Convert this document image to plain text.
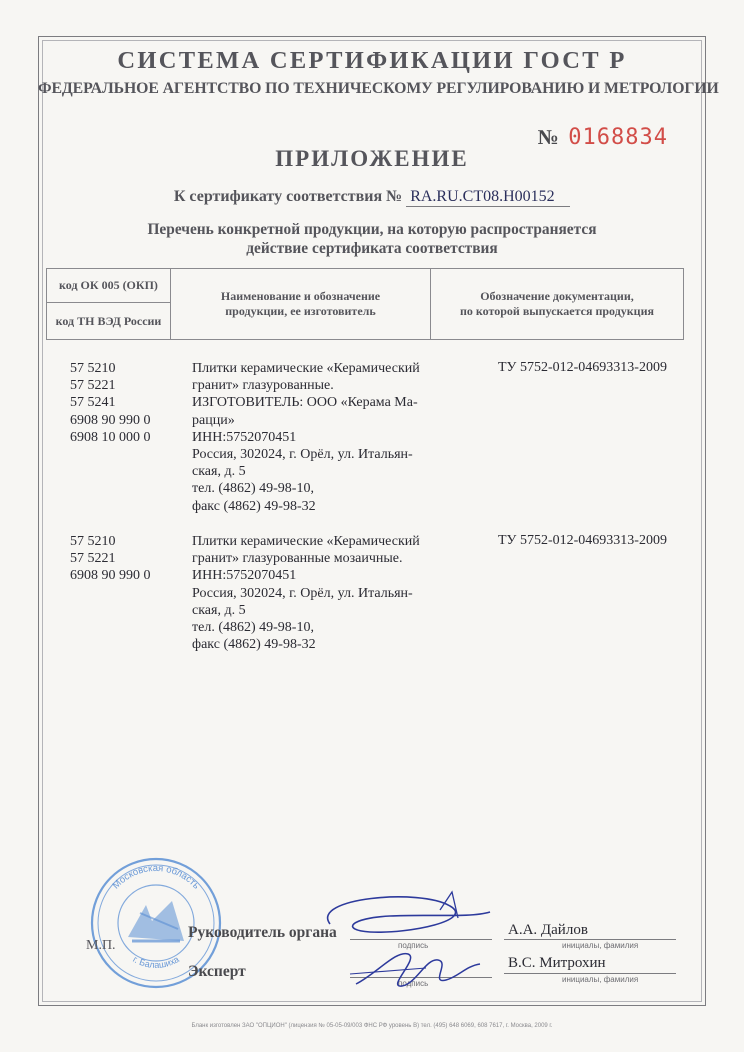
СИСТЕМА СЕРТИФИКАЦИИ ГОСТ Р
ФЕДЕРАЛЬНОЕ АГЕНТСТВО ПО ТЕХНИЧЕСКОМУ РЕГУЛИРОВАНИЮ И МЕТРОЛОГИИ
№ 0168834
ПРИЛОЖЕНИЕ
К сертификату соответствия № RA.RU.CT08.H00152
Перечень конкретной продукции, на которую распространяется
действие сертификата соответствия
код ОК 005 (ОКП)
код ТН ВЭД России
Наименование и обозначение
продукции, ее изготовитель
Обозначение документации,
по которой выпускается продукция
57 5210
57 5221
57 5241
6908 90 990 0
6908 10 000 0
Плитки керамические «Керамический
гранит» глазурованные.
ИЗГОТОВИТЕЛЬ: ООО «Керама Ма-
рацци»
ИНН:5752070451
Россия, 302024, г. Орёл, ул. Итальян-
ская, д. 5
тел. (4862) 49-98-10,
факс (4862) 49-98-32
ТУ 5752-012-04693313-2009
57 5210
57 5221
6908 90 990 0
Плитки керамические «Керамический
гранит» глазурованные мозаичные.
ИНН:5752070451
Россия, 302024, г. Орёл, ул. Итальян-
ская, д. 5
тел. (4862) 49-98-10,
факс (4862) 49-98-32
ТУ 5752-012-04693313-2009
Московская область
г. Балашиха
М.П.
Руководитель органа
подпись
А.А. Дайлов
инициалы, фамилия
Эксперт
подпись
В.С. Митрохин
инициалы, фамилия
Бланк изготовлен ЗАО "ОПЦИОН" (лицензия № 05-05-09/003 ФНС РФ уровень В) тел. (495) 648 6069, 608 7617, г. Москва, 2009 г.
